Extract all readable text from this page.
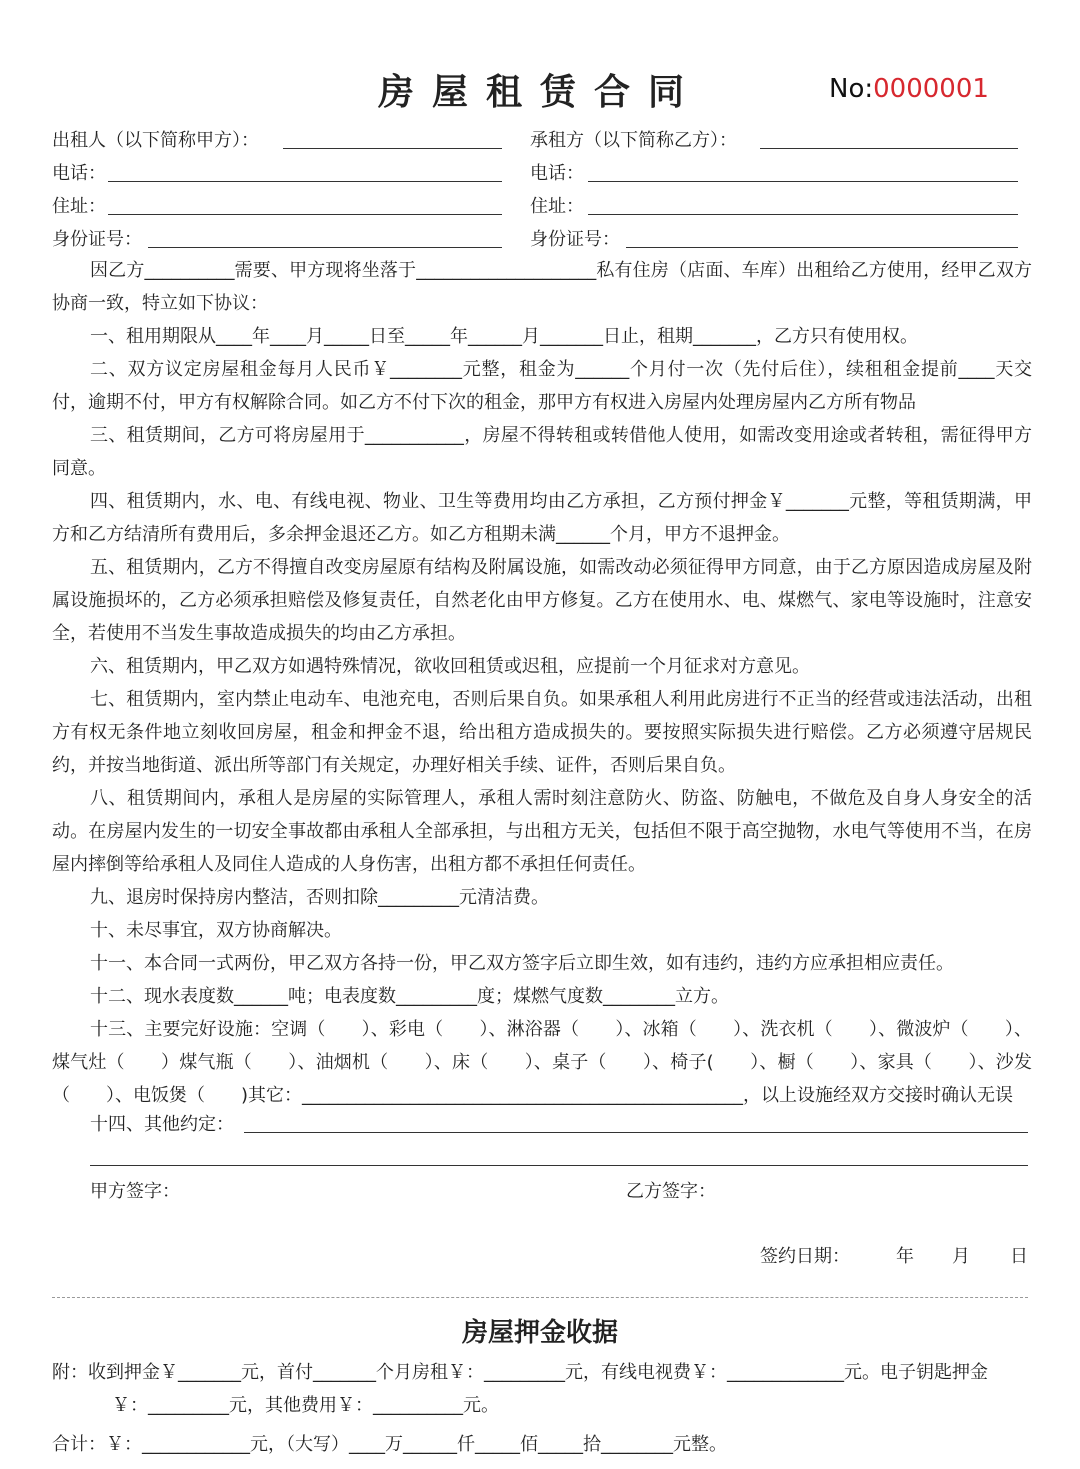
房屋租赁合同	No:0000001
出租人（以下简称甲方）：	承租方（以下简称乙方）：
电话：	电话：
住址：	住址：
身份证号：	身份证号：

因乙方__________需要、甲方现将坐落于____________________私有住房（店面、车库）出租给乙方使用，经甲乙双方协商一致，特立如下协议：

一、租用期限从____年____月_____日至_____年______月_______日止，租期_______，乙方只有使用权。

二、双方议定房屋租金每月人民币￥________元整，租金为______个月付一次（先付后住），续租租金提前____天交付，逾期不付，甲方有权解除合同。如乙方不付下次的租金，那甲方有权进入房屋内处理房屋内乙方所有物品

三、租赁期间，乙方可将房屋用于___________，房屋不得转租或转借他人使用，如需改变用途或者转租，需征得甲方同意。

四、租赁期内，水、电、有线电视、物业、卫生等费用均由乙方承担，乙方预付押金￥_______元整，等租赁期满，甲方和乙方结清所有费用后，多余押金退还乙方。如乙方租期未满______个月，甲方不退押金。

五、租赁期内，乙方不得擅自改变房屋原有结构及附属设施，如需改动必须征得甲方同意，由于乙方原因造成房屋及附属设施损坏的，乙方必须承担赔偿及修复责任，自然老化由甲方修复。乙方在使用水、电、煤燃气、家电等设施时，注意安全，若使用不当发生事故造成损失的均由乙方承担。

六、租赁期内，甲乙双方如遇特殊情况，欲收回租赁或迟租，应提前一个月征求对方意见。

七、租赁期内，室内禁止电动车、电池充电，否则后果自负。如果承租人利用此房进行不正当的经营或违法活动，出租方有权无条件地立刻收回房屋，租金和押金不退，给出租方造成损失的。要按照实际损失进行赔偿。乙方必须遵守居规民约，并按当地街道、派出所等部门有关规定，办理好相关手续、证件，否则后果自负。

八、租赁期间内，承租人是房屋的实际管理人，承租人需时刻注意防火、防盗、防触电，不做危及自身人身安全的活动。在房屋内发生的一切安全事故都由承租人全部承担，与出租方无关，包括但不限于高空抛物，水电气等使用不当，在房屋内摔倒等给承租人及同住人造成的人身伤害，出租方都不承担任何责任。

九、退房时保持房内整洁，否则扣除_________元清洁费。

十、未尽事宜，双方协商解决。

十一、本合同一式两份，甲乙双方各持一份，甲乙双方签字后立即生效，如有违约，违约方应承担相应责任。

十二、现水表度数______吨；电表度数_________度；煤燃气度数________立方。

十三、主要完好设施：空调（　　）、彩电（　　）、淋浴器（　　）、冰箱（　　）、洗衣机（　　）、微波炉（　　）、煤气灶（　　）煤气瓶（　　）、油烟机（　　）、床（　　）、桌子（　　）、椅子(　　）、橱（　　）、家具（　　）、沙发（　　）、电饭煲（　　)其它：_________________________________________________，以上设施经双方交接时确认无误

十四、其他约定：
甲方签字：	乙方签字：
签约日期：	年 月 日
房屋押金收据
附：收到押金￥_______元，首付_______个月房租￥：_________元，有线电视费￥：_____________元。电子钥匙押金
￥：_________元，其他费用￥：__________元。
合计：￥：____________元，（大写）____万______仟_____佰_____拾________元整。
